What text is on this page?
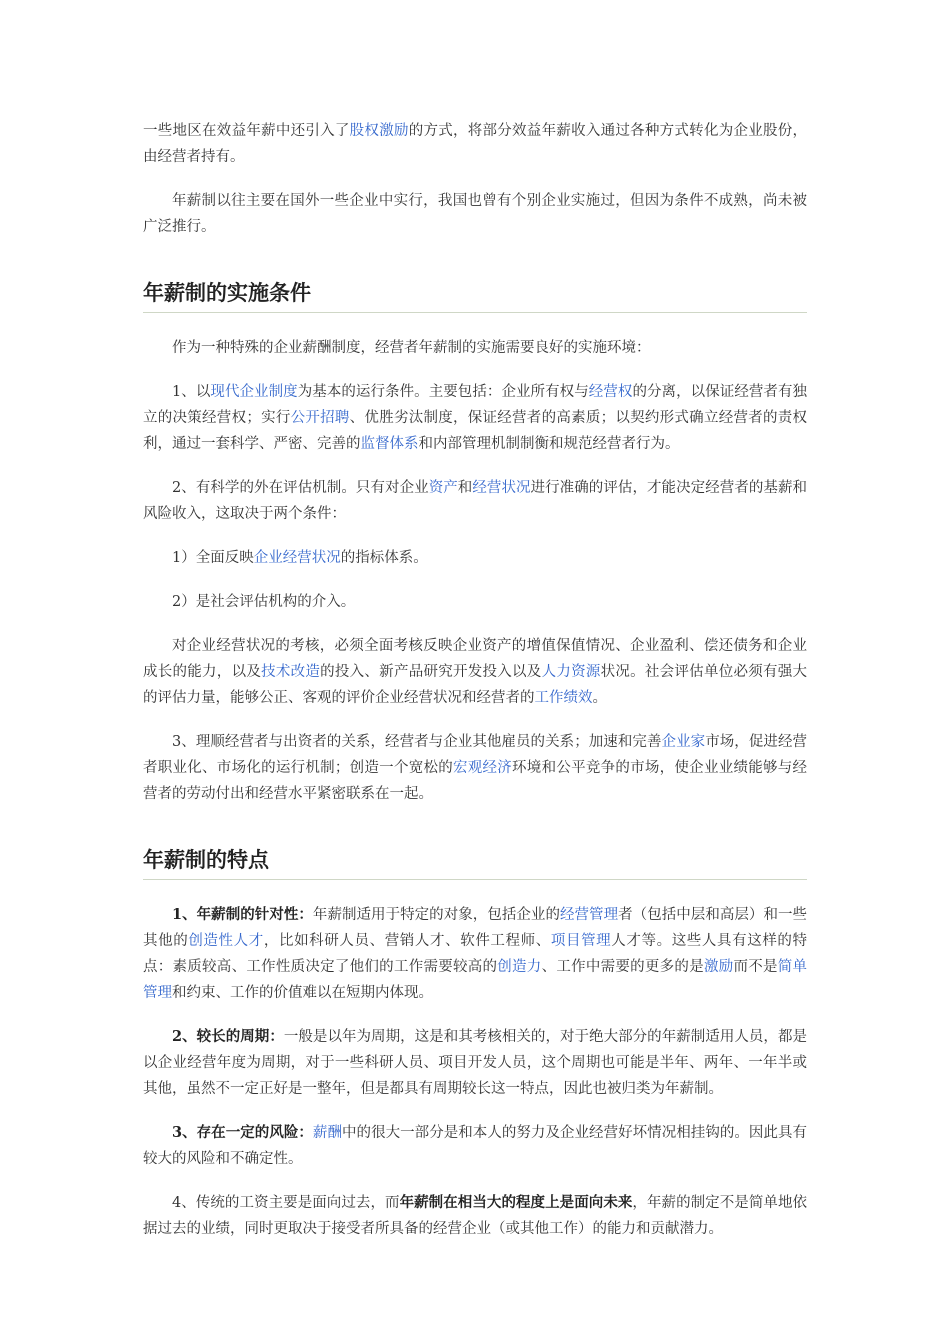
一些地区在效益年薪中还引入了股权激励的方式，将部分效益年薪收入通过各种方式转化为企业股份，由经营者持有。

年薪制以往主要在国外一些企业中实行，我国也曾有个别企业实施过，但因为条件不成熟，尚未被广泛推行。

年薪制的实施条件

作为一种特殊的企业薪酬制度，经营者年薪制的实施需要良好的实施环境：

1、以现代企业制度为基本的运行条件。主要包括：企业所有权与经营权的分离，以保证经营者有独立的决策经营权；实行公开招聘、优胜劣汰制度，保证经营者的高素质；以契约形式确立经营者的责权利，通过一套科学、严密、完善的监督体系和内部管理机制制衡和规范经营者行为。

2、有科学的外在评估机制。只有对企业资产和经营状况进行准确的评估，才能决定经营者的基薪和风险收入，这取决于两个条件：

1）全面反映企业经营状况的指标体系。

2）是社会评估机构的介入。

对企业经营状况的考核，必须全面考核反映企业资产的增值保值情况、企业盈利、偿还债务和企业成长的能力，以及技术改造的投入、新产品研究开发投入以及人力资源状况。社会评估单位必须有强大的评估力量，能够公正、客观的评价企业经营状况和经营者的工作绩效。

3、理顺经营者与出资者的关系，经营者与企业其他雇员的关系；加速和完善企业家市场，促进经营者职业化、市场化的运行机制；创造一个宽松的宏观经济环境和公平竞争的市场，使企业业绩能够与经营者的劳动付出和经营水平紧密联系在一起。

年薪制的特点

1、年薪制的针对性：年薪制适用于特定的对象，包括企业的经营管理者（包括中层和高层）和一些其他的创造性人才，比如科研人员、营销人才、软件工程师、项目管理人才等。这些人具有这样的特点：素质较高、工作性质决定了他们的工作需要较高的创造力、工作中需要的更多的是激励而不是简单管理和约束、工作的价值难以在短期内体现。

2、较长的周期：一般是以年为周期，这是和其考核相关的，对于绝大部分的年薪制适用人员，都是以企业经营年度为周期，对于一些科研人员、项目开发人员，这个周期也可能是半年、两年、一年半或其他，虽然不一定正好是一整年，但是都具有周期较长这一特点，因此也被归类为年薪制。

3、存在一定的风险：薪酬中的很大一部分是和本人的努力及企业经营好坏情况相挂钩的。因此具有较大的风险和不确定性。

4、传统的工资主要是面向过去，而年薪制在相当大的程度上是面向未来，年薪的制定不是简单地依据过去的业绩，同时更取决于接受者所具备的经营企业（或其他工作）的能力和贡献潜力。
